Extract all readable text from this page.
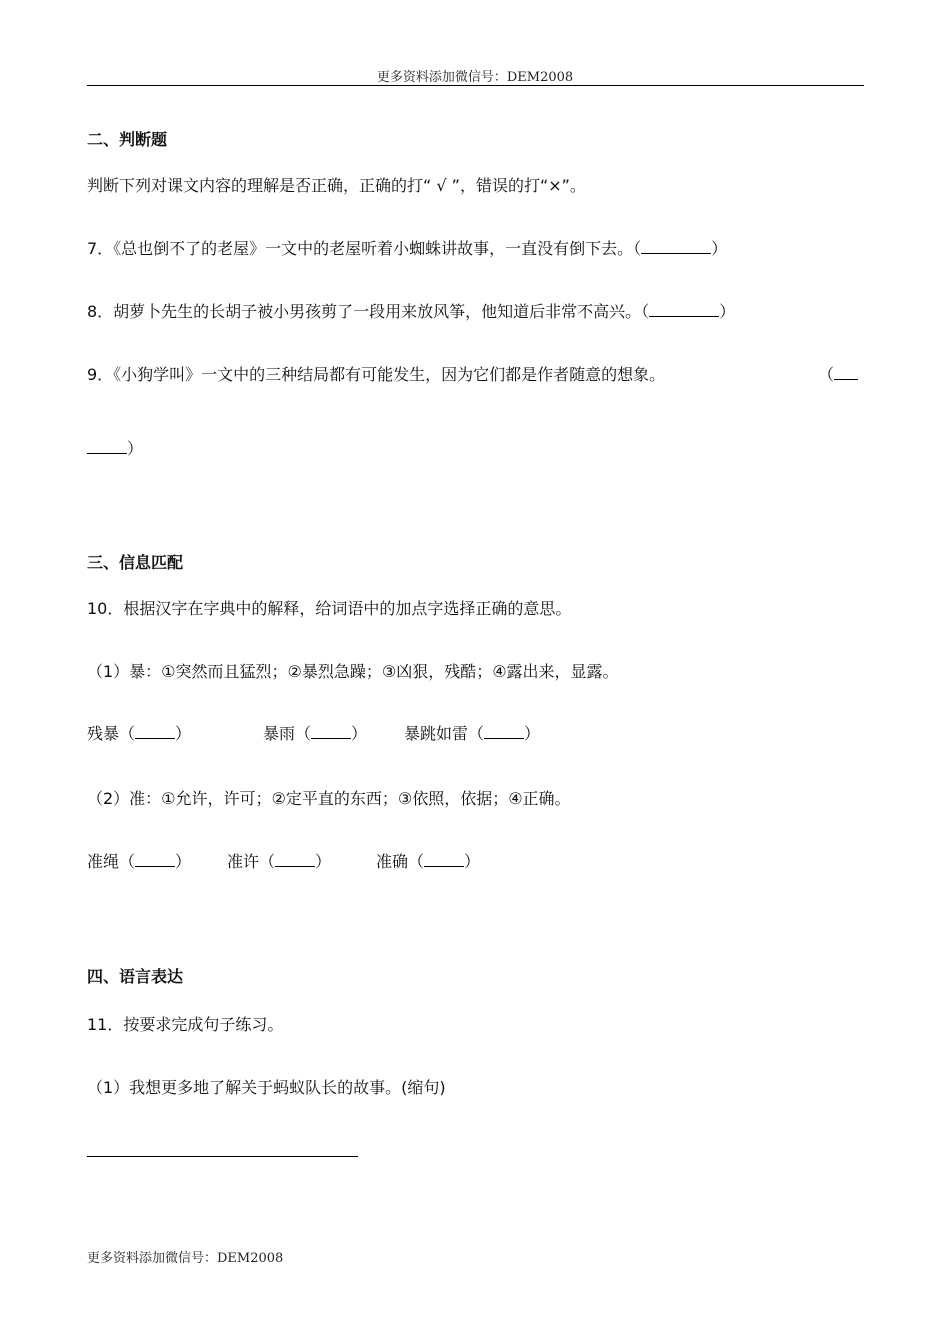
更多资料添加微信号：DEM2008
二、判断题
判断下列对课文内容的理解是否正确，正确的打“ √ ”，错误的打“×”。
7．《总也倒不了的老屋》一文中的老屋听着小蜘蛛讲故事，一直没有倒下去。（	）
8．胡萝卜先生的长胡子被小男孩剪了一段用来放风筝，他知道后非常不高兴。（	）
9．《小狗学叫》一文中的三种结局都有可能发生，因为它们都是作者随意的想象。	（
）
三、信息匹配
10．根据汉字在字典中的解释，给词语中的加点字选择正确的意思。
（1）暴：①突然而且猛烈；②暴烈急躁；③凶狠，残酷；④露出来，显露。
残暴（	）	暴雨（	） 暴跳如雷（	）
（2）准：①允许，许可；②定平直的东西；③依照，依据；④正确。
准绳（	） 准许（	）	准确（	）
四、语言表达
11．按要求完成句子练习。
（1）我想更多地了解关于蚂蚁队长的故事。(缩句)
更多资料添加微信号：DEM2008
